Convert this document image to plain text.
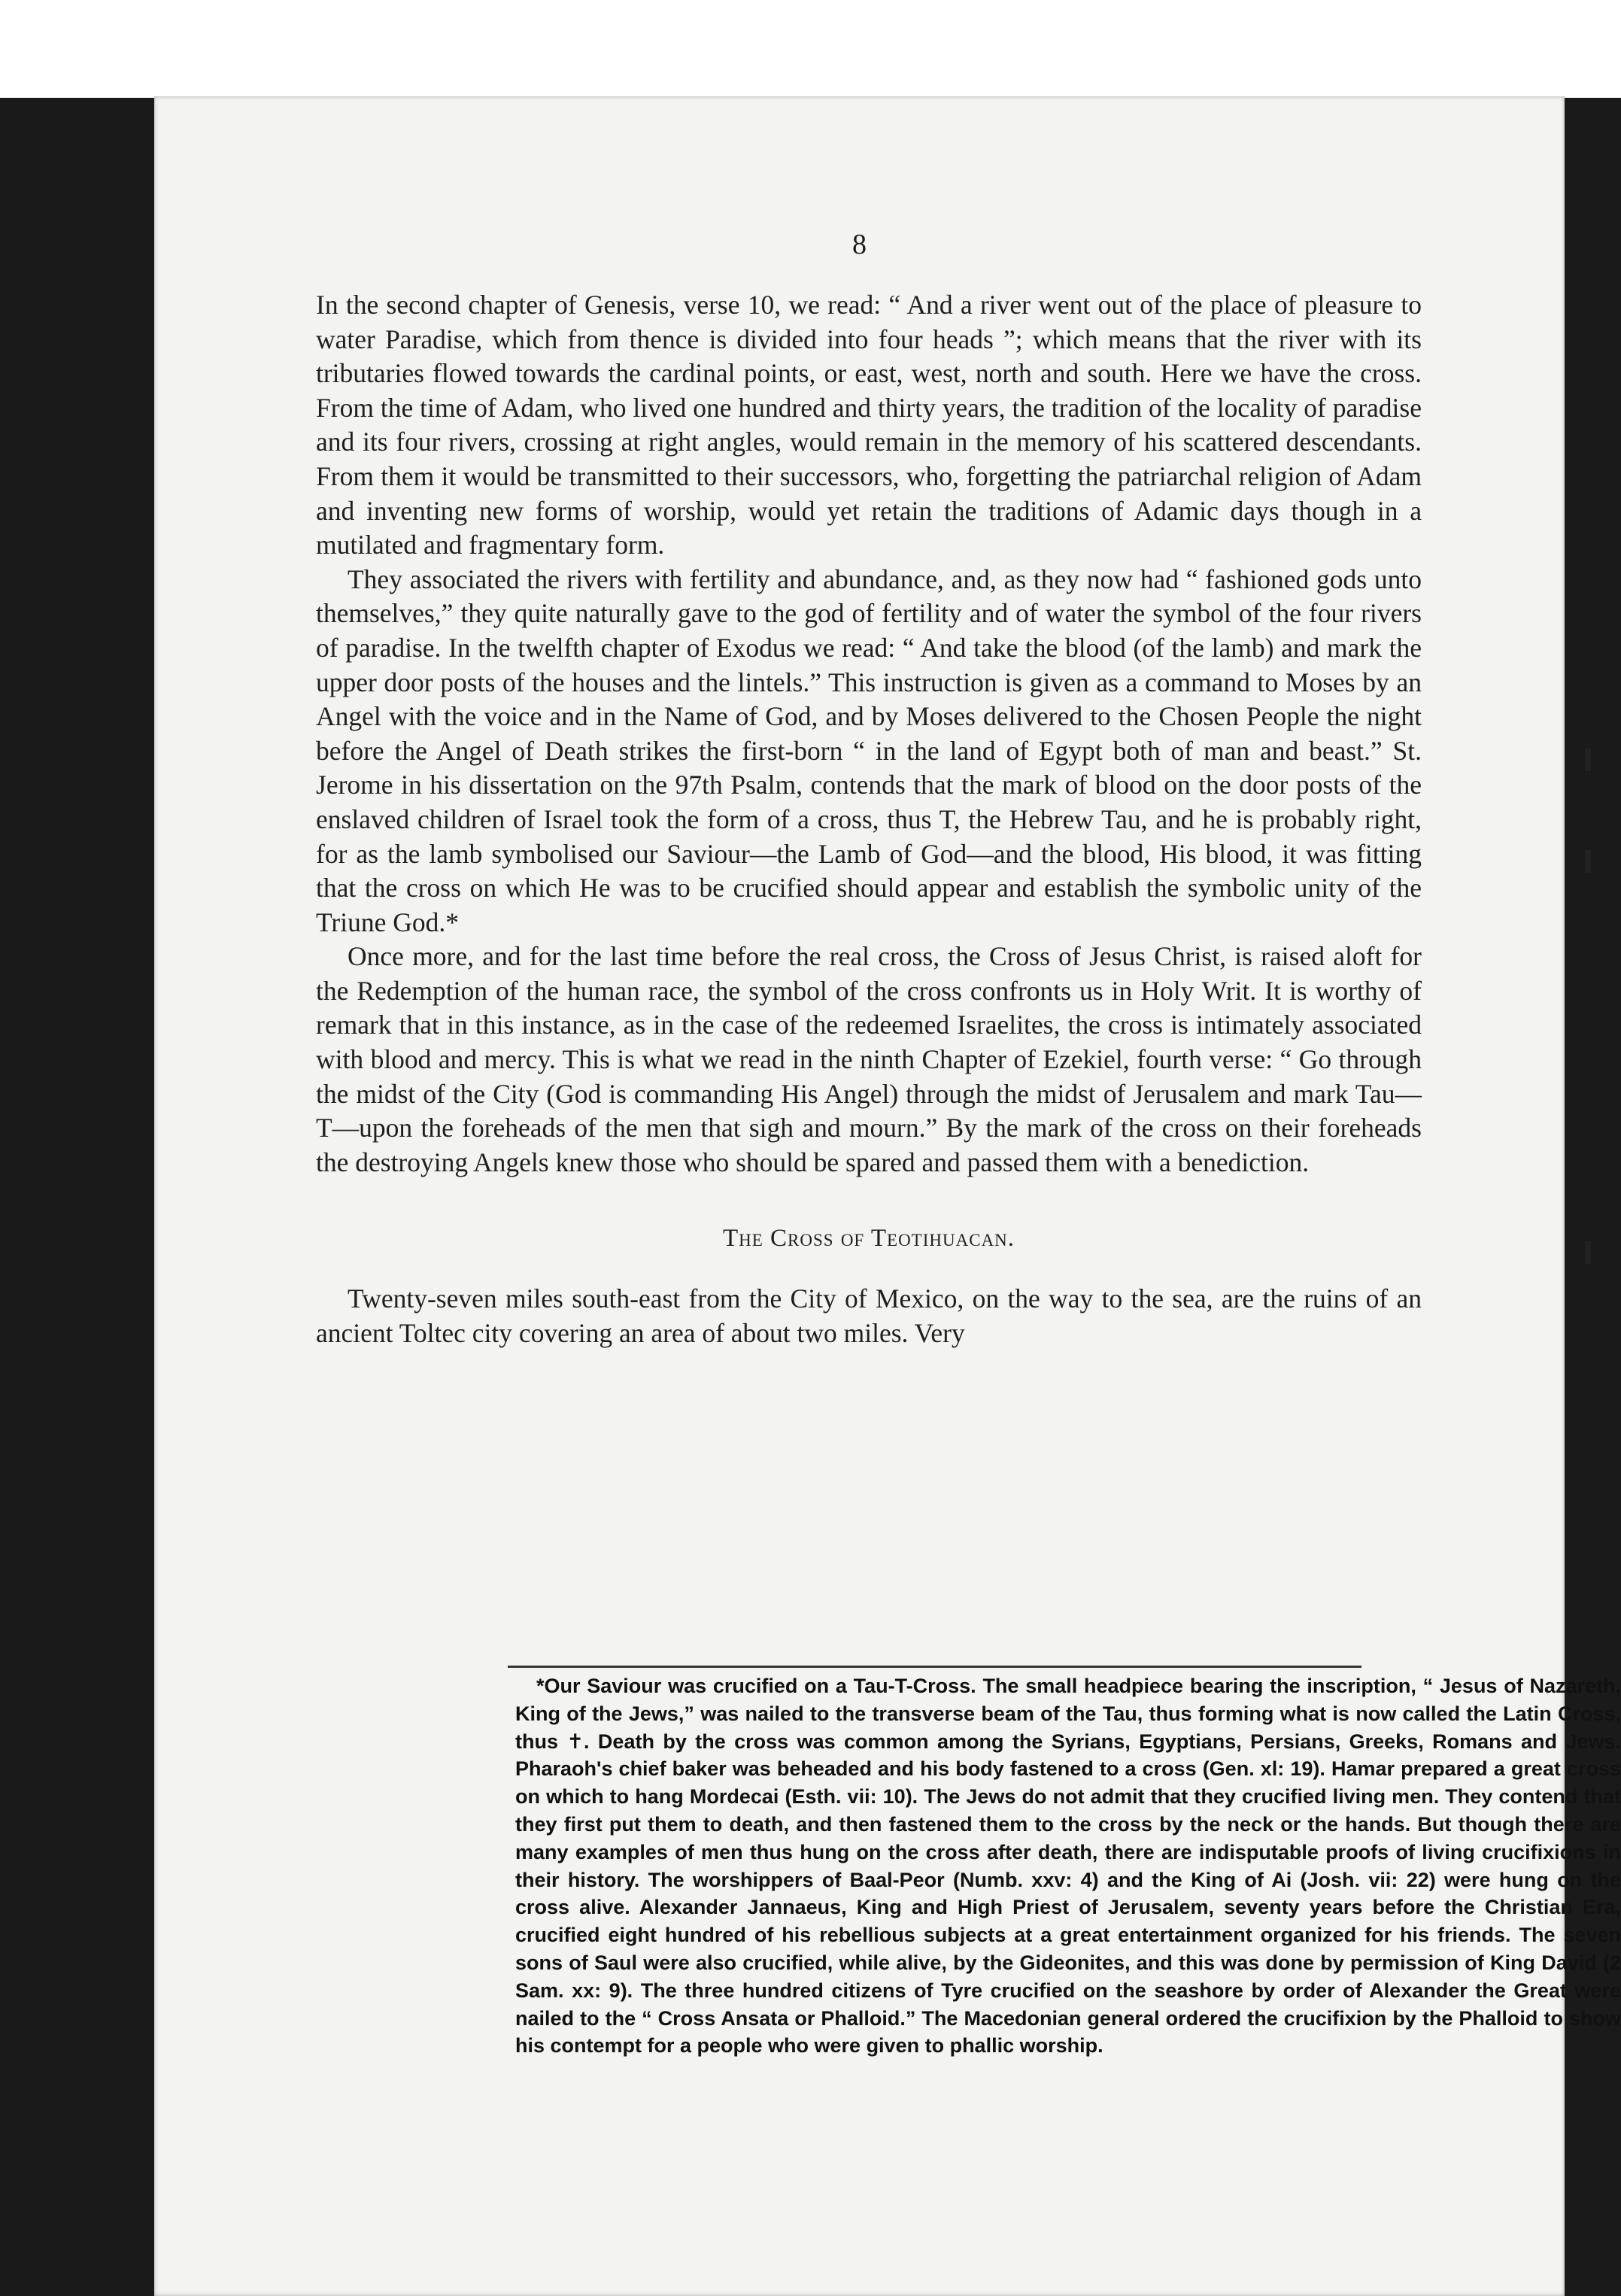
8

In the second chapter of Genesis, verse 10, we read: “ And a river went out of the place of pleasure to water Paradise, which from thence is divided into four heads ”; which means that the river with its tributaries flowed towards the cardinal points, or east, west, north and south. Here we have the cross. From the time of Adam, who lived one hundred and thirty years, the tradition of the locality of paradise and its four rivers, crossing at right angles, would remain in the memory of his scattered descendants. From them it would be transmitted to their successors, who, forgetting the patriarchal religion of Adam and inventing new forms of worship, would yet retain the traditions of Adamic days though in a mutilated and fragmentary form.

They associated the rivers with fertility and abundance, and, as they now had “ fashioned gods unto themselves,” they quite naturally gave to the god of fertility and of water the symbol of the four rivers of paradise. In the twelfth chapter of Exodus we read: “ And take the blood (of the lamb) and mark the upper door posts of the houses and the lintels.” This instruction is given as a command to Moses by an Angel with the voice and in the Name of God, and by Moses delivered to the Chosen People the night before the Angel of Death strikes the first-born “ in the land of Egypt both of man and beast.” St. Jerome in his dissertation on the 97th Psalm, contends that the mark of blood on the door posts of the enslaved children of Israel took the form of a cross, thus T, the Hebrew Tau, and he is probably right, for as the lamb symbolised our Saviour—the Lamb of God—and the blood, His blood, it was fitting that the cross on which He was to be crucified should appear and establish the symbolic unity of the Triune God.*

Once more, and for the last time before the real cross, the Cross of Jesus Christ, is raised aloft for the Redemption of the human race, the symbol of the cross confronts us in Holy Writ. It is worthy of remark that in this instance, as in the case of the redeemed Israelites, the cross is intimately associated with blood and mercy. This is what we read in the ninth Chapter of Ezekiel, fourth verse: “ Go through the midst of the City (God is commanding His Angel) through the midst of Jerusalem and mark Tau—T—upon the foreheads of the men that sigh and mourn.” By the mark of the cross on their foreheads the destroying Angels knew those who should be spared and passed them with a benediction.

The Cross of Teotihuacan.

Twenty-seven miles south-east from the City of Mexico, on the way to the sea, are the ruins of an ancient Toltec city covering an area of about two miles. Very

*Our Saviour was crucified on a Tau-T-Cross. The small headpiece bearing the inscription, “ Jesus of Nazareth, King of the Jews,” was nailed to the transverse beam of the Tau, thus forming what is now called the Latin Cross, thus ✝. Death by the cross was common among the Syrians, Egyptians, Persians, Greeks, Romans and Jews. Pharaoh's chief baker was beheaded and his body fastened to a cross (Gen. xl: 19). Hamar prepared a great cross on which to hang Mordecai (Esth. vii: 10). The Jews do not admit that they crucified living men. They contend that they first put them to death, and then fastened them to the cross by the neck or the hands. But though there are many examples of men thus hung on the cross after death, there are indisputable proofs of living crucifixions in their history. The worshippers of Baal-Peor (Numb. xxv: 4) and the King of Ai (Josh. vii: 22) were hung on the cross alive. Alexander Jannaeus, King and High Priest of Jerusalem, seventy years before the Christian Era, crucified eight hundred of his rebellious subjects at a great entertainment organized for his friends. The seven sons of Saul were also crucified, while alive, by the Gideonites, and this was done by permission of King David (2 Sam. xx: 9). The three hundred citizens of Tyre crucified on the seashore by order of Alexander the Great were nailed to the “ Cross Ansata or Phalloid.” The Macedonian general ordered the crucifixion by the Phalloid to show his contempt for a people who were given to phallic worship.
